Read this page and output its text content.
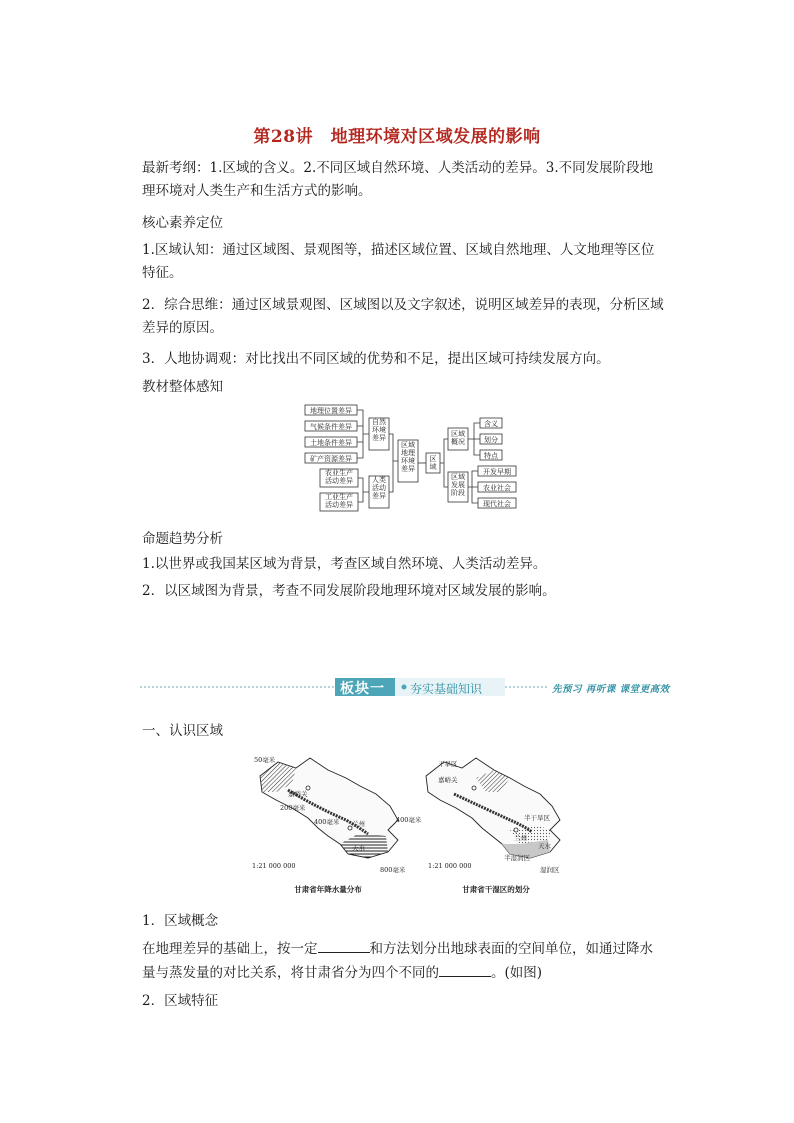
第28讲　地理环境对区域发展的影响
最新考纲：1.区域的含义。2.不同区域自然环境、人类活动的差异。3.不同发展阶段地
理环境对人类生产和生活方式的影响。
核心素养定位
1.区域认知：通过区域图、景观图等，描述区域位置、区域自然地理、人文地理等区位
特征。
2．综合思维：通过区域景观图、区域图以及文字叙述，说明区域差异的表现，分析区域
差异的原因。
3．人地协调观：对比找出不同区域的优势和不足，提出区域可持续发展方向。
教材整体感知
地理位置差异
气候条件差异
土地条件差异
矿产资源差异
自然环境差异
农业生产活动差异
工业生产活动差异
人类活动差异
区域地理环境差异
区域
区域概况
区域发展阶段
含义
划分
特点
开发早期
农业社会
现代社会
命题趋势分析
1.以世界或我国某区域为背景，考查区域自然环境、人类活动差异。
2．以区域图为背景，考查不同发展阶段地理环境对区域发展的影响。
板块一 夯实基础知识	先预习 再听课 课堂更高效
一、认识区域
50毫米
嘉峪关
200毫米
400毫米 兰州	400毫米
天水
800毫米
1:21 000 000
甘肃省年降水量分布
干旱区
嘉峪关
半干旱区
兰州
天水
半湿润区
湿润区
1:21 000 000
甘肃省干湿区的划分
1．区域概念
在地理差异的基础上，按一定	和方法划分出地球表面的空间单位，如通过降水
量与蒸发量的对比关系，将甘肃省分为四个不同的	。(如图)
2．区域特征
